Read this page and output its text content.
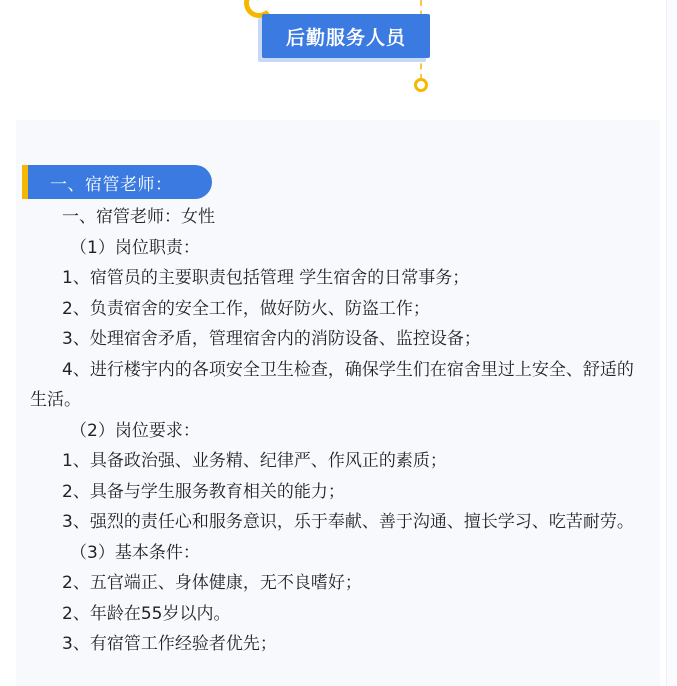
后勤服务人员
一、宿管老师：

一、宿管老师：女性

（1）岗位职责：

1、宿管员的主要职责包括管理 学生宿舍的日常事务；

2、负责宿舍的安全工作，做好防火、防盗工作；

3、处理宿舍矛盾，管理宿舍内的消防设备、监控设备；

4、进行楼宇内的各项安全卫生检查，确保学生们在宿舍里过上安全、舒适的生活。

（2）岗位要求：

1、具备政治强、业务精、纪律严、作风正的素质；

2、具备与学生服务教育相关的能力；

3、强烈的责任心和服务意识，乐于奉献、善于沟通、擅长学习、吃苦耐劳。

（3）基本条件：

2、五官端正、身体健康，无不良嗜好；

2、年龄在55岁以内。

3、有宿管工作经验者优先；
